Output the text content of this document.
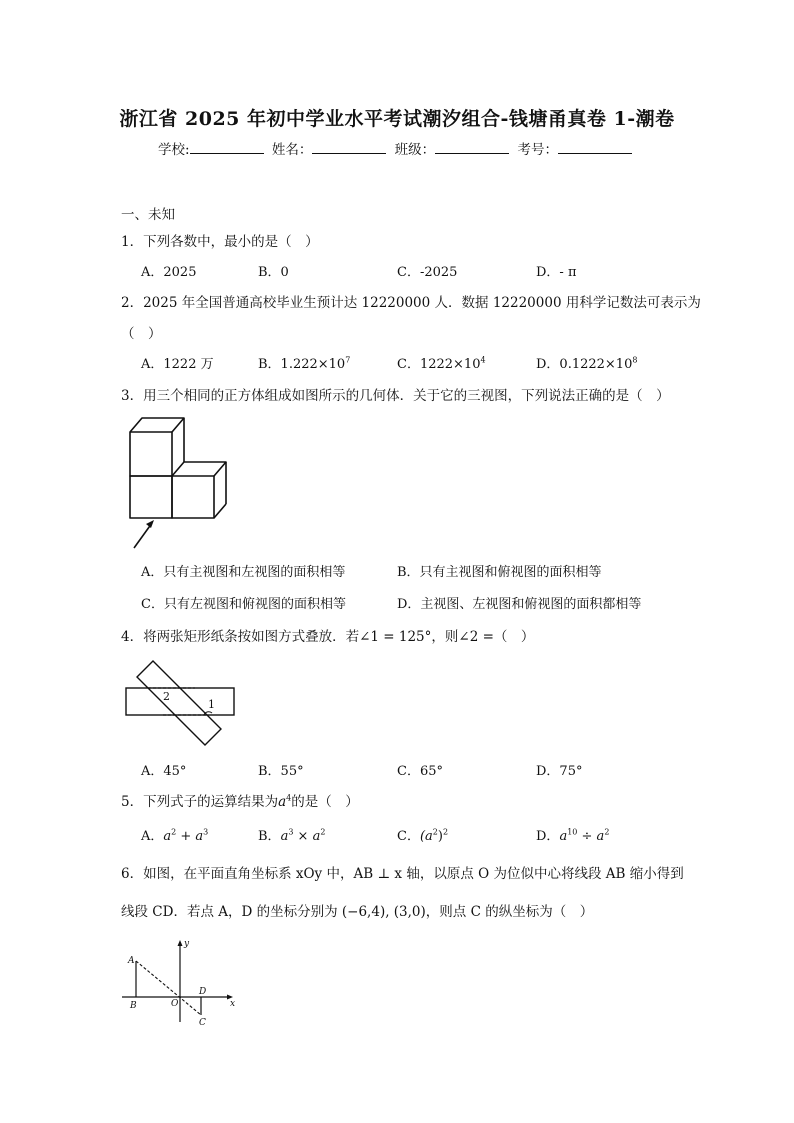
浙江省 2025 年初中学业水平考试潮汐组合-钱塘甬真卷 1-潮卷
学校:	姓名：	班级：	考号：
一、未知
1．下列各数中，最小的是（　）
A．2025	B．0	C．-2025	D．- π
2．2025 年全国普通高校毕业生预计达 12220000 人．数据 12220000 用科学记数法可表示为
（　）
A．1222 万	B．$1.222\times 10^7$	C．$1222\times 10^4$	D．$0.1222\times 10^8$
3．用三个相同的正方体组成如图所示的几何体．关于它的三视图，下列说法正确的是（　）
A．只有主视图和左视图的面积相等	B．只有主视图和俯视图的面积相等
C．只有左视图和俯视图的面积相等	D．主视图、左视图和俯视图的面积都相等
4．将两张矩形纸条按如图方式叠放．若∠1 = 125°，则∠2 =（　）
1
2
A．45°	B．55°	C．65°	D．75°
5．下列式子的运算结果为$a^4$的是（　）
A．$a^2 + a^3$	B．$a^3 \times a^2$	C．$(a^2)^2$	D．$a^{10} \div a^2$
6．如图，在平面直角坐标系 xOy 中，AB ⊥ x 轴，以原点 O 为位似中心将线段 AB 缩小得到
线段 CD．若点 A，D 的坐标分别为 (−6,4), (3,0)，则点 C 的纵坐标为（　）
y
A
B	O
D
C
x
